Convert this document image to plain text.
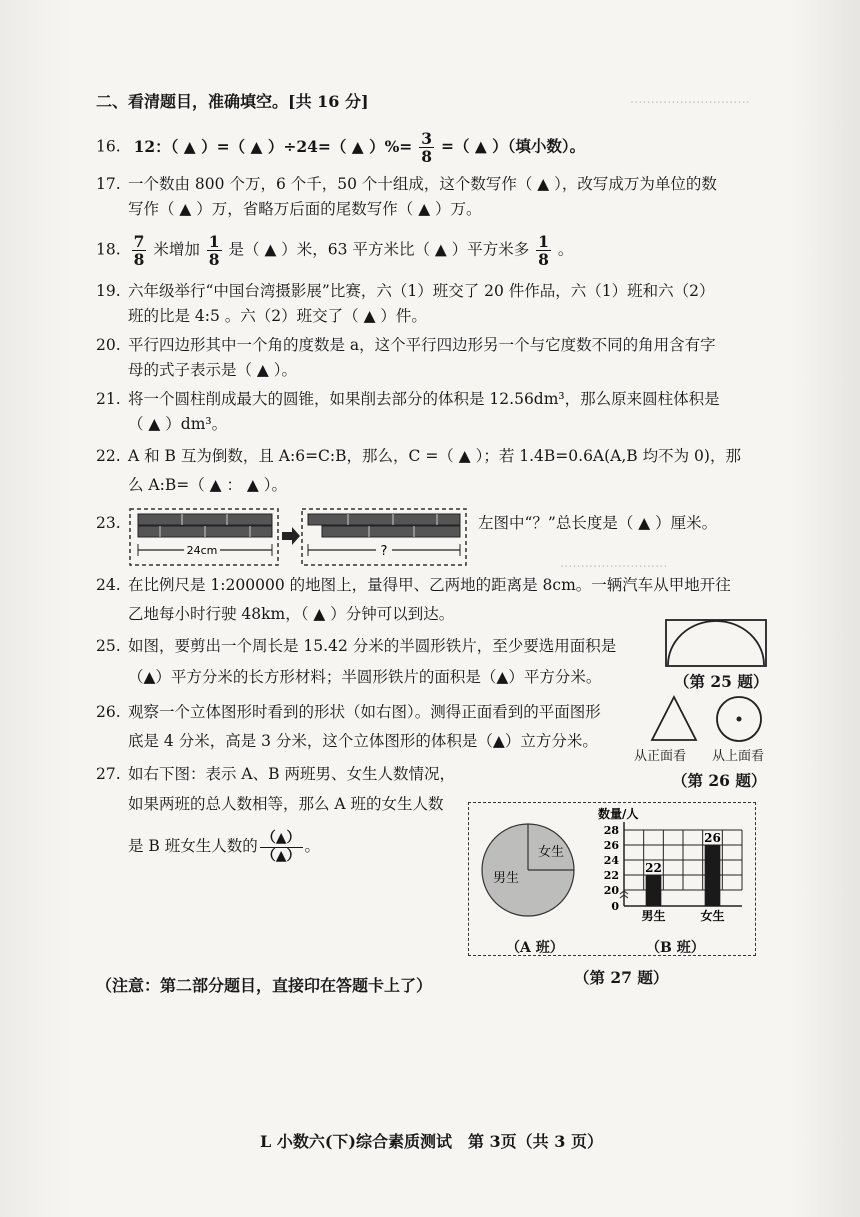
·····························
··························
二、看清题目，准确填空。[共 16 分]
16. 12：（ ▲ ）=（ ▲ ）÷24=（ ▲ ）%= $\frac{3}{8}$ =（ ▲ ）（填小数）。
17. 一个数由 800 个万，6 个千，50 个十组成，这个数写作（ ▲ ），改写成万为单位的数
写作（ ▲ ）万，省略万后面的尾数写作（ ▲ ）万。
18. $\frac{7}{8}$ 米增加 $\frac{1}{8}$ 是（ ▲ ）米，63 平方米比（ ▲ ）平方米多 $\frac{1}{8}$ 。
19. 六年级举行“中国台湾摄影展”比赛，六（1）班交了 20 件作品，六（1）班和六（2）
班的比是 4:5 。六（2）班交了（ ▲ ）件。
20. 平行四边形其中一个角的度数是 a，这个平行四边形另一个与它度数不同的角用含有字
母的式子表示是（ ▲ ）。
21. 将一个圆柱削成最大的圆锥，如果削去部分的体积是 12.56dm³，那么原来圆柱体积是
（ ▲ ）dm³。
22. A 和 B 互为倒数，且 A:6=C:B，那么，C =（ ▲ ）；若 1.4B=0.6A(A,B 均不为 0)，那
么 A:B=（ ▲ ： ▲ ）。
23.
24cm	?
左图中“？”总长度是（ ▲ ）厘米。
24. 在比例尺是 1:200000 的地图上，量得甲、乙两地的距离是 8cm。一辆汽车从甲地开往
乙地每小时行驶 48km，（ ▲ ）分钟可以到达。
25. 如图，要剪出一个周长是 15.42 分米的半圆形铁片，至少要选用面积是
（▲）平方分米的长方形材料；半圆形铁片的面积是（▲）平方分米。	（第 25 题）
26. 观察一个立体图形时看到的形状（如右图）。测得正面看到的平面图形
底是 4 分米，高是 3 分米，这个立体图形的体积是（▲）立方分米。
从正面看 从上面看
（第 26 题）
27. 如右下图：表示 A、B 两班男、女生人数情况，
如果两班的总人数相等，那么 A 班的女生人数
是 B 班女生人数的 $\frac{(▲)}{(▲)}$ 。
男生
女生
（A 班）
数量/人
0
20
22
24
26
28
22
26
男生	女生
（B 班）
（第 27 题）
（注意：第二部分题目，直接印在答题卡上了）
L 小数六(下)综合素质测试　第 3页（共 3 页）
